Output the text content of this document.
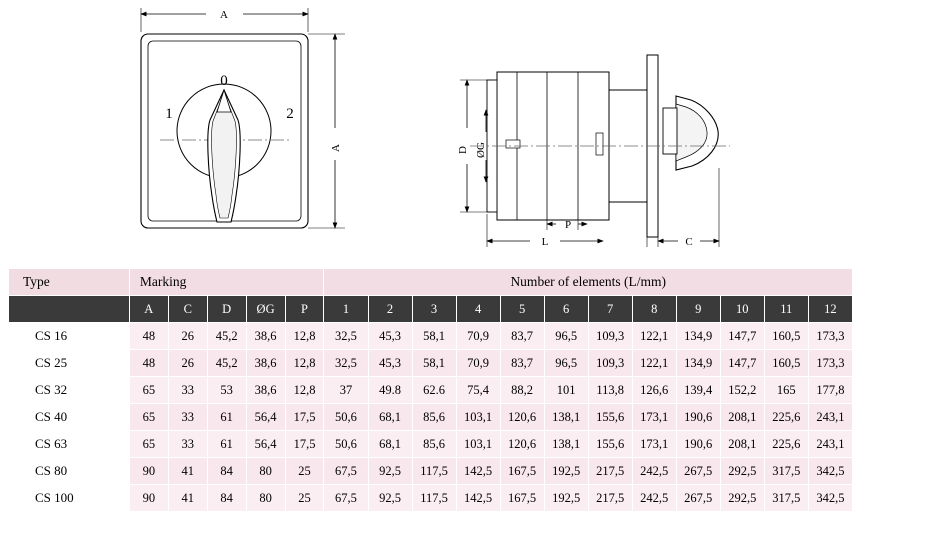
A
A
0
1	2
D ØG
P
L	C
Type	Marking					Number of elements (L/mm)											
	A	C	D	ØG	P	1	2	3	4	5	6	7	8	9	10	11	12
CS 16	48	26	45,2	38,6	12,8	32,5	45,3	58,1	70,9	83,7	96,5	109,3	122,1	134,9	147,7	160,5	173,3
CS 25	48	26	45,2	38,6	12,8	32,5	45,3	58,1	70,9	83,7	96,5	109,3	122,1	134,9	147,7	160,5	173,3
CS 32	65	33	53	38,6	12,8	37	49.8	62.6	75,4	88,2	101	113,8	126,6	139,4	152,2	165	177,8
CS 40	65	33	61	56,4	17,5	50,6	68,1	85,6	103,1	120,6	138,1	155,6	173,1	190,6	208,1	225,6	243,1
CS 63	65	33	61	56,4	17,5	50,6	68,1	85,6	103,1	120,6	138,1	155,6	173,1	190,6	208,1	225,6	243,1
CS 80	90	41	84	80	25	67,5	92,5	117,5	142,5	167,5	192,5	217,5	242,5	267,5	292,5	317,5	342,5
CS 100	90	41	84	80	25	67,5	92,5	117,5	142,5	167,5	192,5	217,5	242,5	267,5	292,5	317,5	342,5
